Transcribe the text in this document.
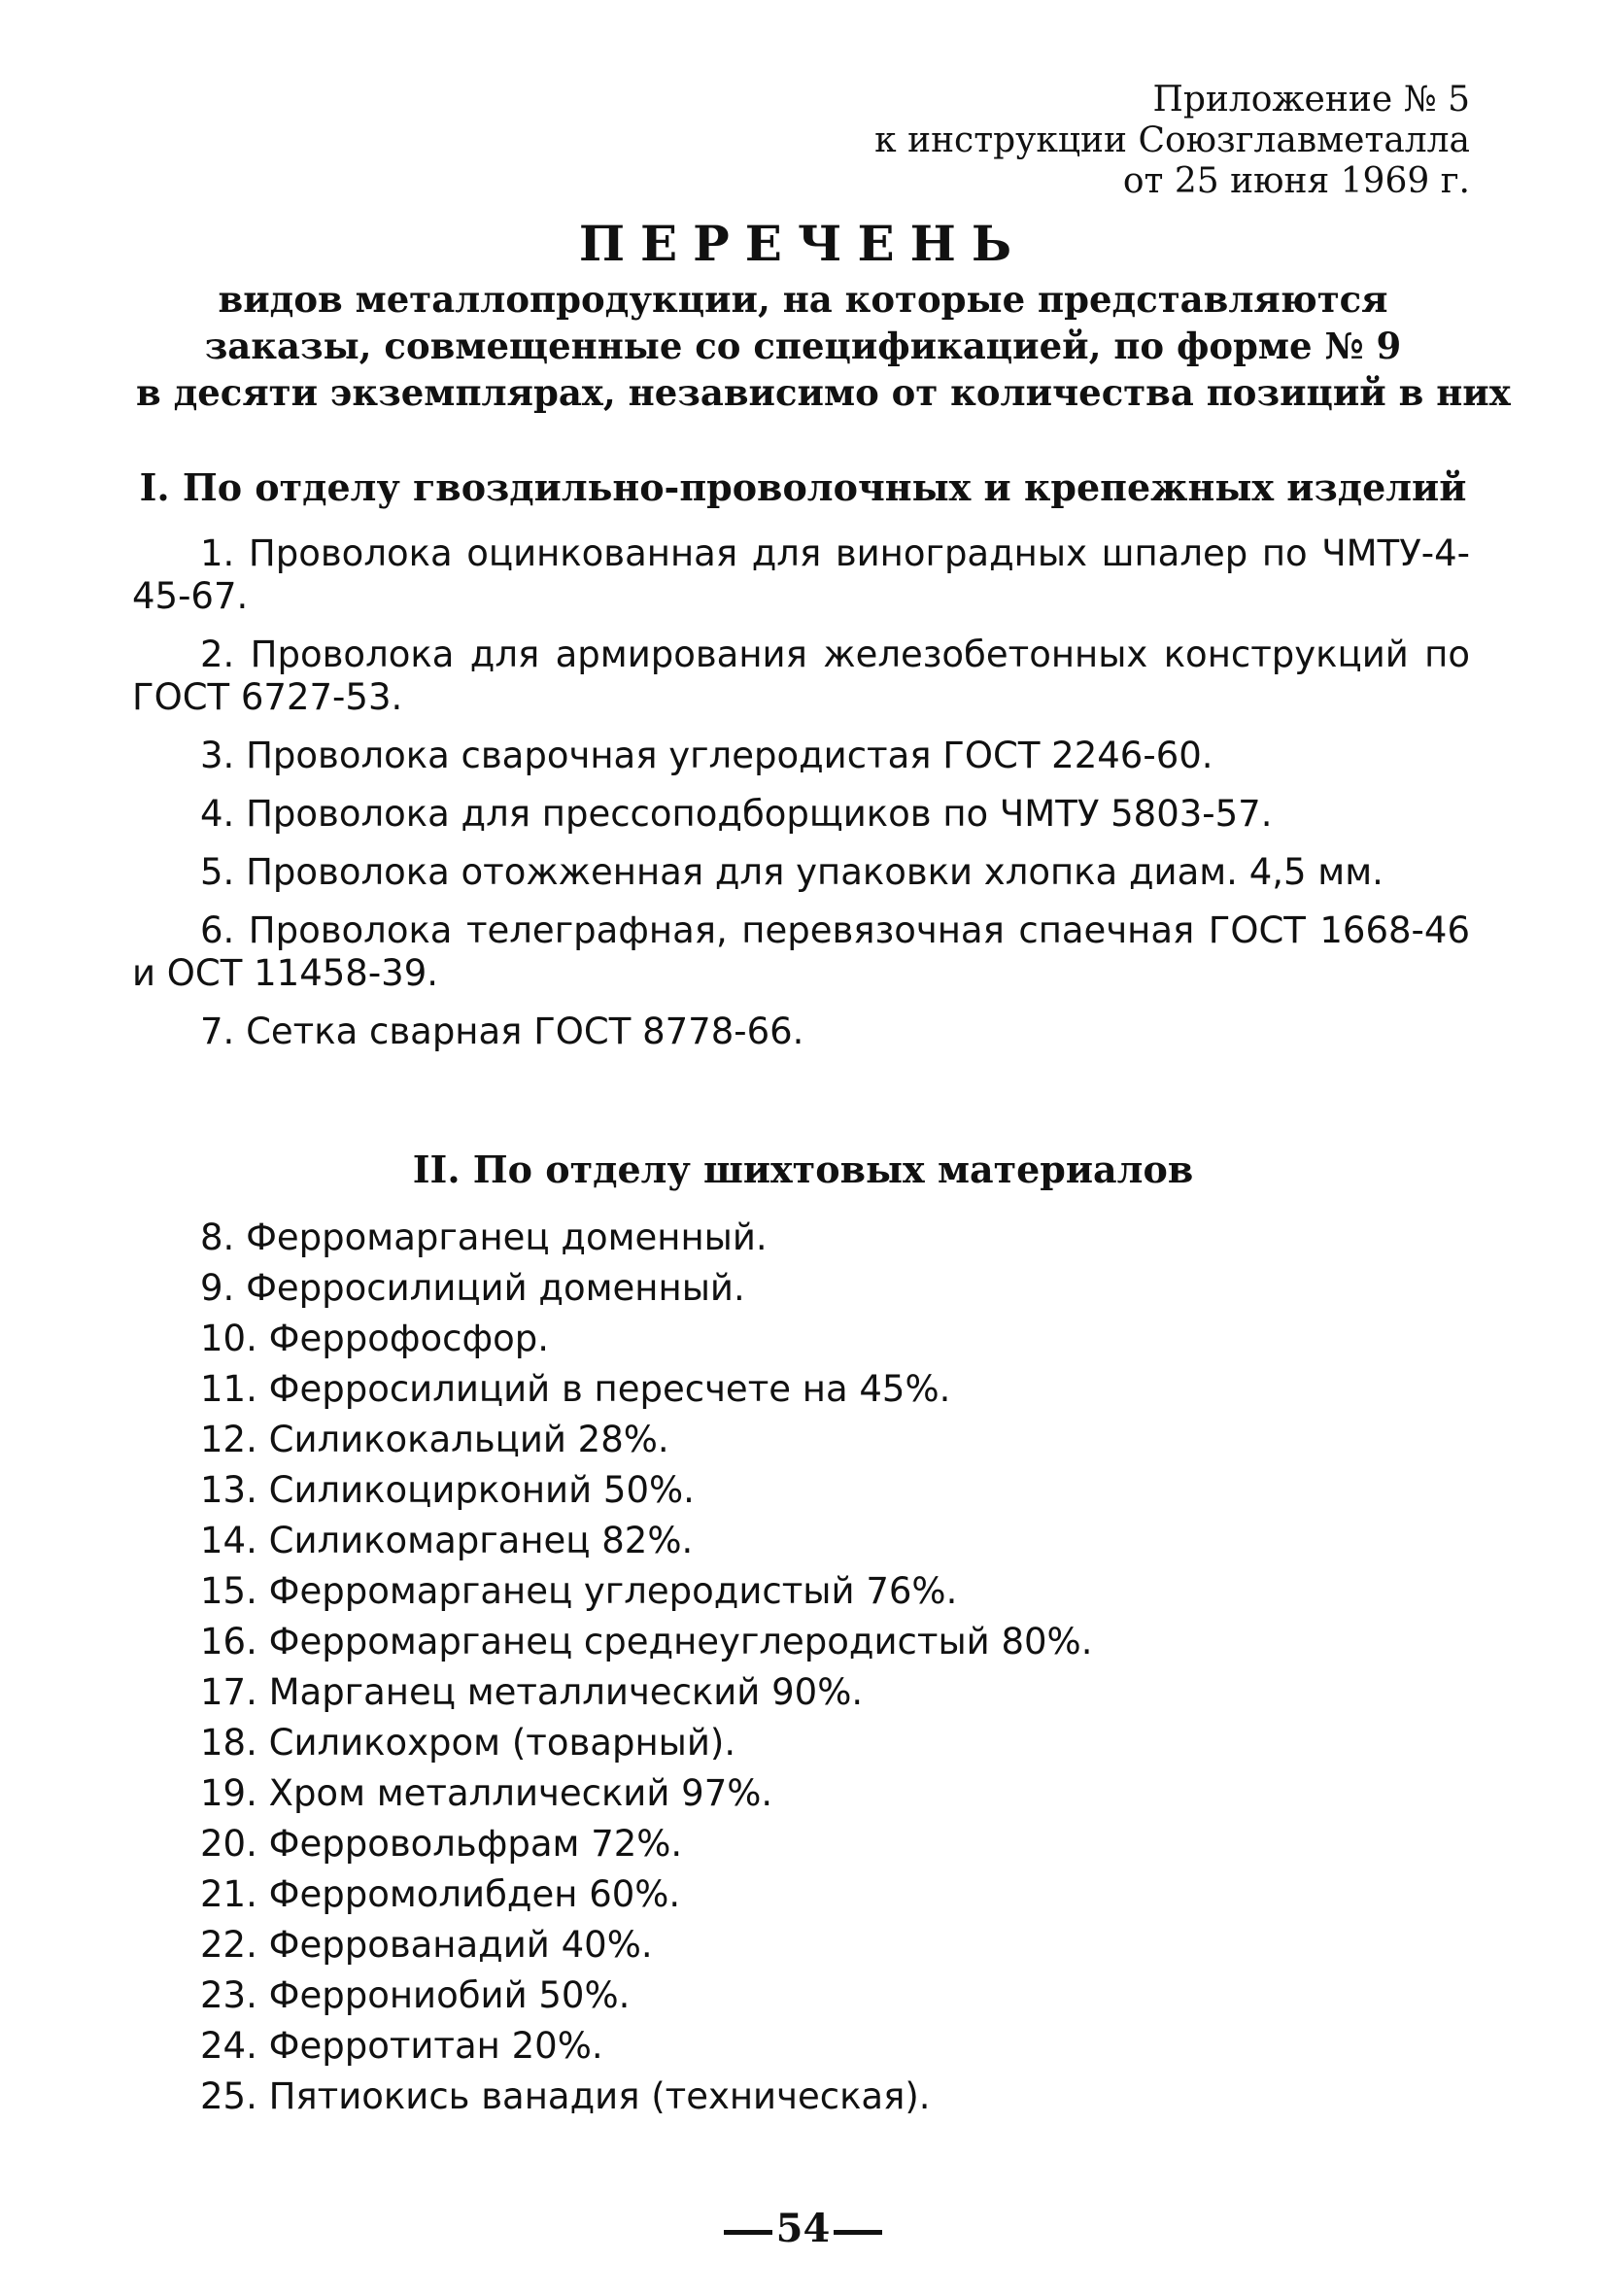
Приложение № 5
к инструкции Союзглавметалла
от 25 июня 1969 г.
ПЕРЕЧЕНЬ
видов металлопродукции, на которые представляются
заказы, совмещенные со спецификацией, по форме № 9
в десяти экземплярах, независимо от количества позиций в них
I. По отделу гвоздильно-проволочных и крепежных изделий
1. Проволока оцинкованная для виноградных шпалер по ЧМТУ-4-45-67.
2. Проволока для армирования железобетонных конструкций по ГОСТ 6727-53.
3. Проволока сварочная углеродистая ГОСТ 2246-60.
4. Проволока для прессоподборщиков по ЧМТУ 5803-57.
5. Проволока отожженная для упаковки хлопка диам. 4,5 мм.
6. Проволока телеграфная, перевязочная спаечная ГОСТ 1668-46 и ОСТ 11458-39.
7. Сетка сварная ГОСТ 8778-66.
II. По отделу шихтовых материалов
8. Ферромарганец доменный.
9. Ферросилиций доменный.
10. Феррофосфор.
11. Ферросилиций в пересчете на 45%.
12. Силикокальций 28%.
13. Силикоцирконий 50%.
14. Силикомарганец 82%.
15. Ферромарганец углеродистый 76%.
16. Ферромарганец среднеуглеродистый 80%.
17. Марганец металлический 90%.
18. Силикохром (товарный).
19. Хром металлический 97%.
20. Ферровольфрам 72%.
21. Ферромолибден 60%.
22. Феррованадий 40%.
23. Феррониобий 50%.
24. Ферротитан 20%.
25. Пятиокись ванадия (техническая).
54
